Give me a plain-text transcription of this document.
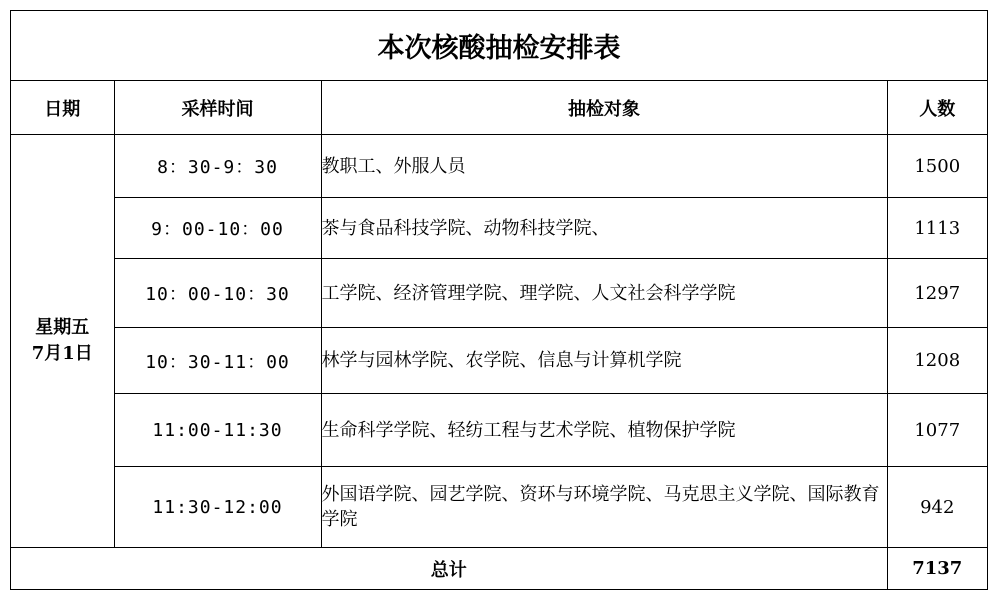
本次核酸抽检安排表
日期	采样时间	抽检对象	人数

星期五
7月1日	8：30-9：30	教职工、外服人员	1500
	9：00-10：00	茶与食品科技学院、动物科技学院、	1113
	10：00-10：30	工学院、经济管理学院、理学院、人文社会科学学院	1297
	10：30-11：00	林学与园林学院、农学院、信息与计算机学院	1208
	11:00-11:30	生命科学学院、轻纺工程与艺术学院、植物保护学院	1077
	11:30-12:00	外国语学院、园艺学院、资环与环境学院、马克思主义学院、国际教育学院	942
总计			7137
